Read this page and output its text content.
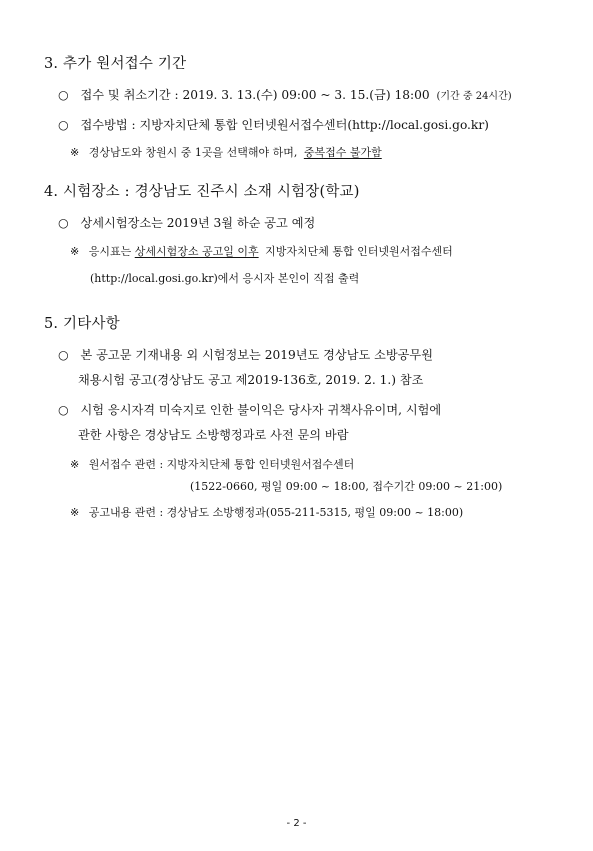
3. 추가 원서접수 기간
○ 접수 및 취소기간 : 2019. 3. 13.(수) 09:00 ~ 3. 15.(금) 18:00 (기간 중 24시간)
○ 접수방법 : 지방자치단체 통합 인터넷원서접수센터(http://local.gosi.go.kr)
※ 경상남도와 창원시 중 1곳을 선택해야 하며, 중복접수 불가함
4. 시험장소 : 경상남도 진주시 소재 시험장(학교)
○ 상세시험장소는 2019년 3월 하순 공고 예정
※ 응시표는 상세시험장소 공고일 이후 지방자치단체 통합 인터넷원서접수센터
(http://local.gosi.go.kr)에서 응시자 본인이 직접 출력
5. 기타사항
○ 본 공고문 기재내용 외 시험정보는 2019년도 경상남도 소방공무원
채용시험 공고(경상남도 공고 제2019-136호, 2019. 2. 1.) 참조
○ 시험 응시자격 미숙지로 인한 불이익은 당사자 귀책사유이며, 시험에
관한 사항은 경상남도 소방행정과로 사전 문의 바람
※ 원서접수 관련 : 지방자치단체 통합 인터넷원서접수센터
(1522-0660, 평일 09:00 ~ 18:00, 접수기간 09:00 ~ 21:00)
※ 공고내용 관련 : 경상남도 소방행정과(055-211-5315, 평일 09:00 ~ 18:00)
- 2 -
